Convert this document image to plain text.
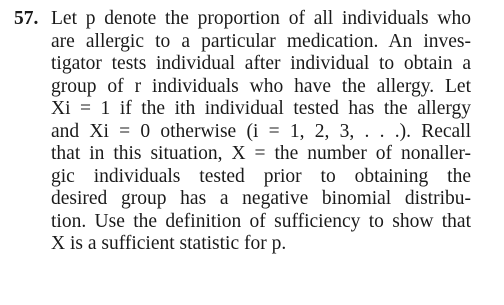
57. Let p denote the proportion of all individuals who
are allergic to a particular medication. An inves-
tigator tests individual after individual to obtain a
group of r individuals who have the allergy. Let
Xi = 1 if the ith individual tested has the allergy
and Xi = 0 otherwise (i = 1, 2, 3, . . .). Recall
that in this situation, X = the number of nonaller-
gic individuals tested prior to obtaining the
desired group has a negative binomial distribu-
tion. Use the definition of sufficiency to show that
X is a sufficient statistic for p.
